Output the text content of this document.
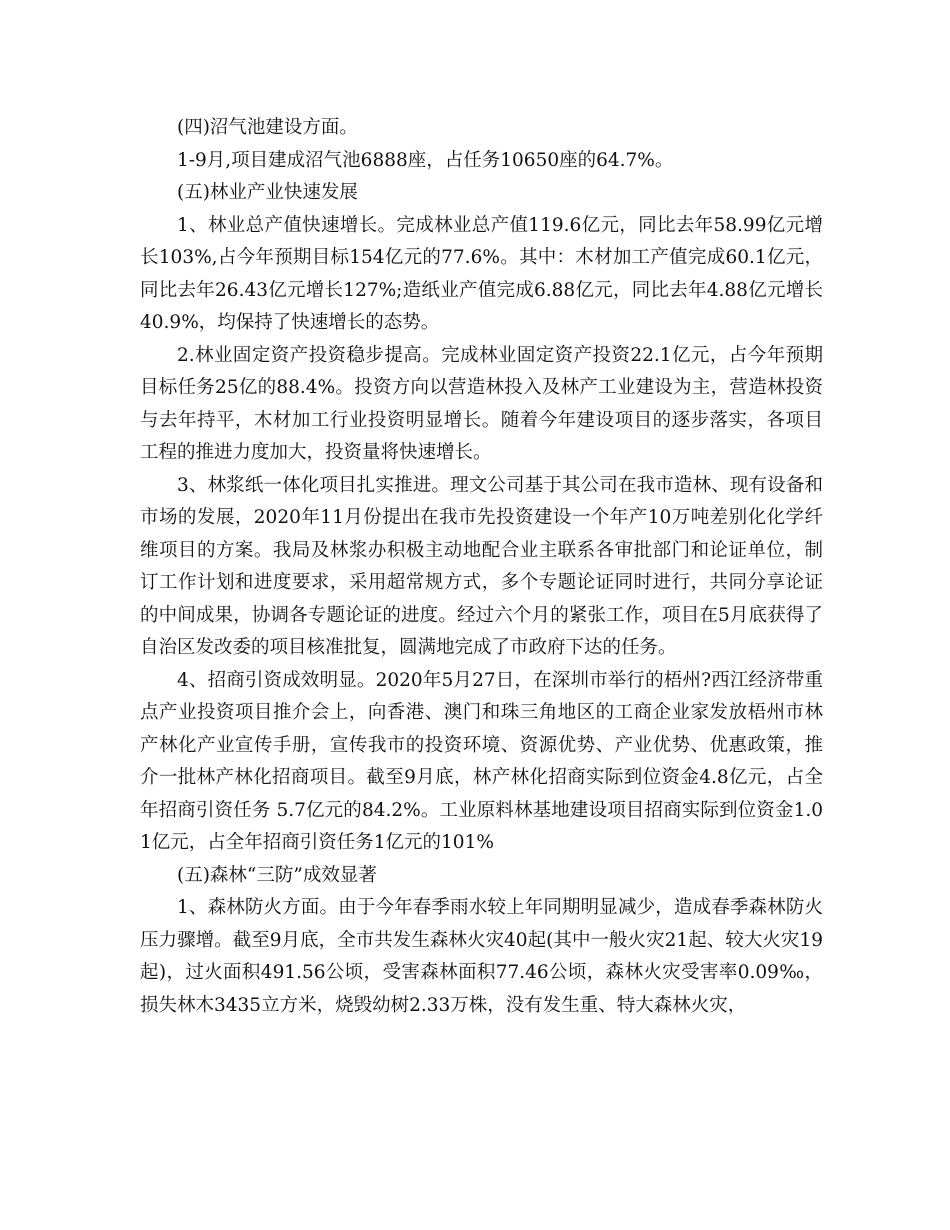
(四)沼气池建设方面。

1-9月,项目建成沼气池6888座，占任务10650座的64.7%。

(五)林业产业快速发展

1、林业总产值快速增长。完成林业总产值119.6亿元，同比去年58.99亿元增长103%,占今年预期目标154亿元的77.6%。其中：木材加工产值完成60.1亿元，同比去年26.43亿元增长127%;造纸业产值完成6.88亿元，同比去年4.88亿元增长40.9%，均保持了快速增长的态势。

2.林业固定资产投资稳步提高。完成林业固定资产投资22.1亿元，占今年预期目标任务25亿的88.4%。投资方向以营造林投入及林产工业建设为主，营造林投资与去年持平，木材加工行业投资明显增长。随着今年建设项目的逐步落实，各项目工程的推进力度加大，投资量将快速增长。

3、林浆纸一体化项目扎实推进。理文公司基于其公司在我市造林、现有设备和市场的发展，2020年11月份提出在我市先投资建设一个年产10万吨差别化化学纤维项目的方案。我局及林浆办积极主动地配合业主联系各审批部门和论证单位，制订工作计划和进度要求，采用超常规方式，多个专题论证同时进行，共同分享论证的中间成果，协调各专题论证的进度。经过六个月的紧张工作，项目在5月底获得了自治区发改委的项目核准批复，圆满地完成了市政府下达的任务。

4、招商引资成效明显。2020年5月27日，在深圳市举行的梧州?西江经济带重点产业投资项目推介会上，向香港、澳门和珠三角地区的工商企业家发放梧州市林产林化产业宣传手册，宣传我市的投资环境、资源优势、产业优势、优惠政策，推介一批林产林化招商项目。截至9月底，林产林化招商实际到位资金4.8亿元，占全年招商引资任务 5.7亿元的84.2%。工业原料林基地建设项目招商实际到位资金1.01亿元，占全年招商引资任务1亿元的101%

(五)森林“三防”成效显著

1、森林防火方面。由于今年春季雨水较上年同期明显减少，造成春季森林防火压力骤增。截至9月底，全市共发生森林火灾40起(其中一般火灾21起、较大火灾19起)，过火面积491.56公顷，受害森林面积77.46公顷，森林火灾受害率0.09‰，损失林木3435立方米，烧毁幼树2.33万株，没有发生重、特大森林火灾，
